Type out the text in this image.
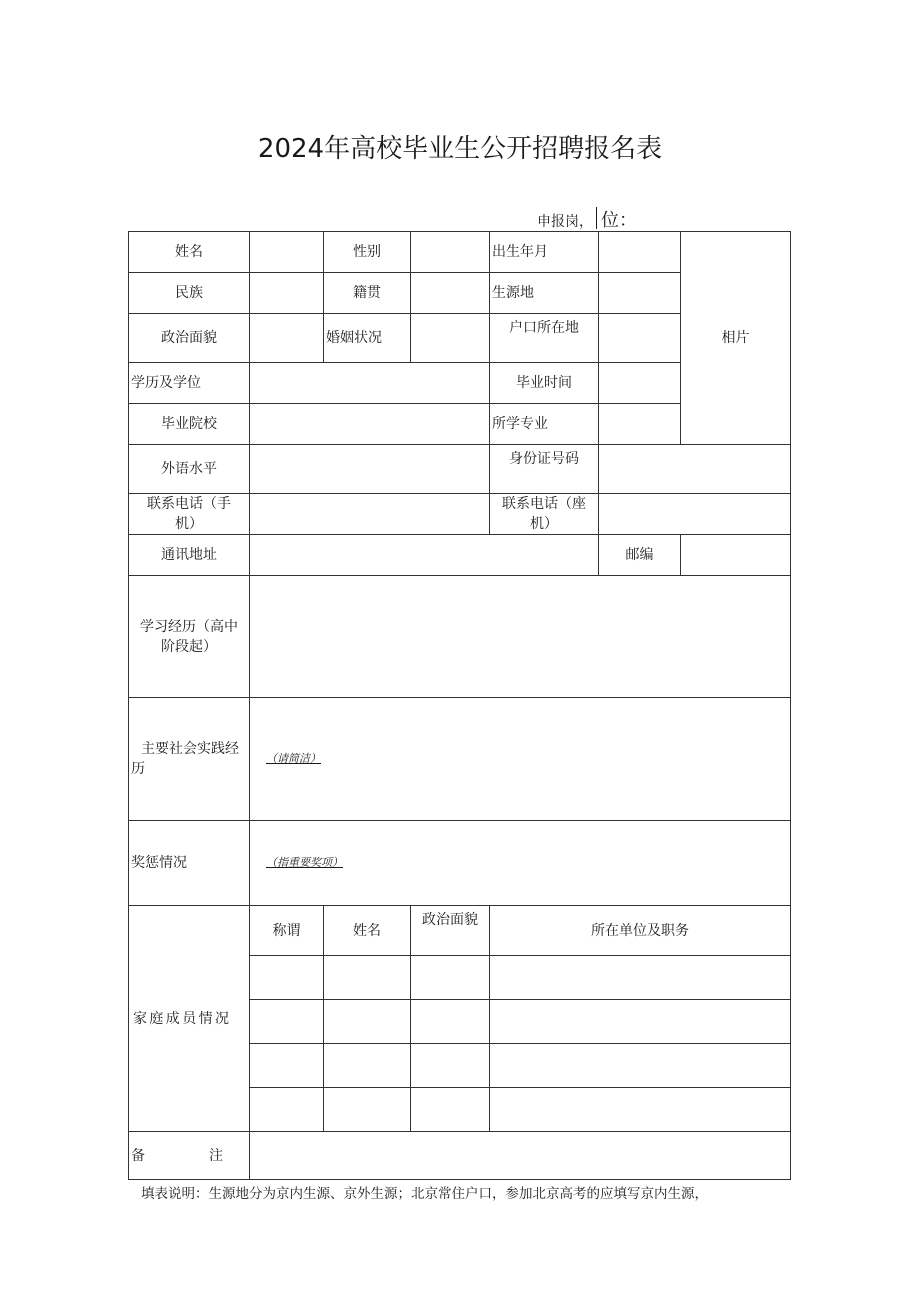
2024年高校毕业生公开招聘报名表
申报岗， 位：
姓名		性别		出生年月		相片
民族		籍贯		生源地		
政治面貌		婚姻状况		户口所在地		
学历及学位				毕业时间		
毕业院校				所学专业		
外语水平				身份证号码		
联系电话（手机）				联系电话（座机）		
通讯地址					邮编	
学习经历（高中阶段起）						
主要社会实践经历	（请简洁）					
奖惩情况	（指重要奖项）					

家庭成员情况	称谓	姓名	政治面貌	所在单位及职务		

备注						

填表说明：生源地分为京内生源、京外生源；北京常住户口，参加北京高考的应填写京内生源，
